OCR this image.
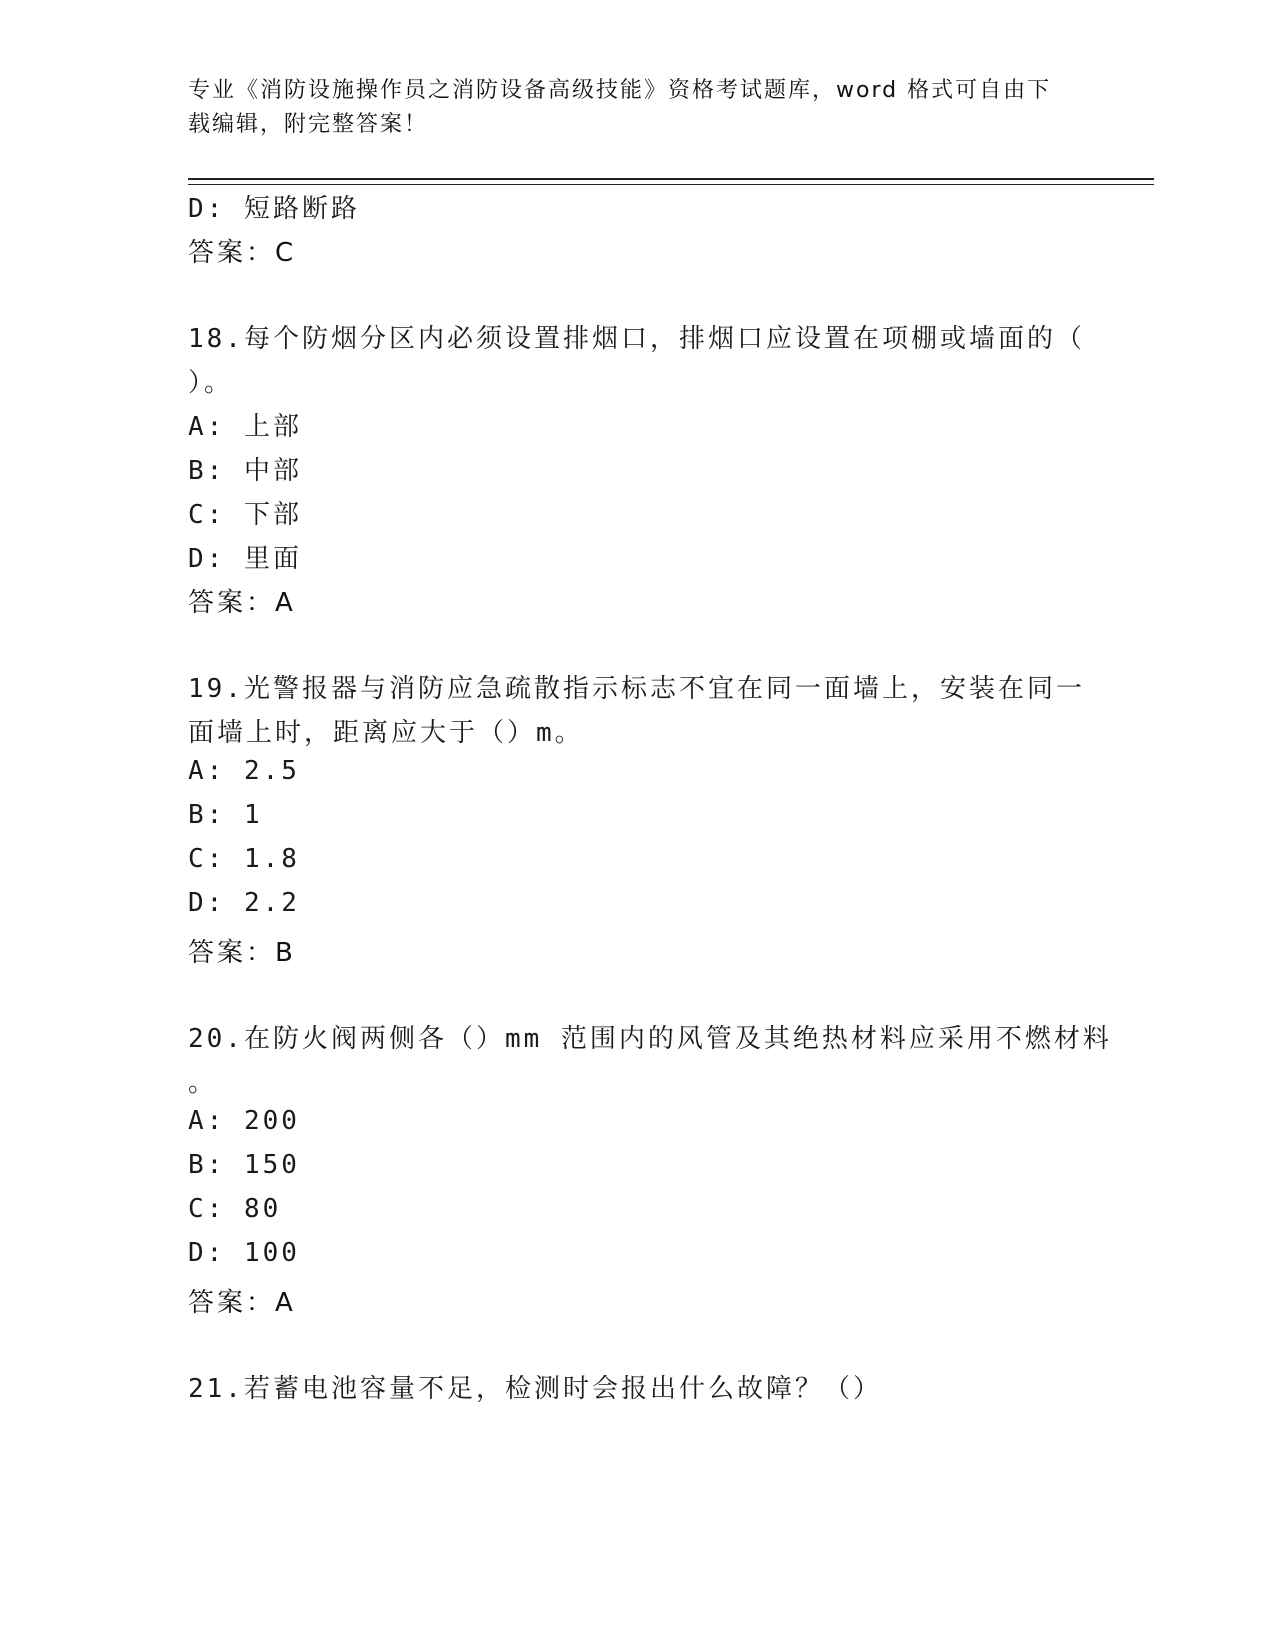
专业《消防设施操作员之消防设备高级技能》资格考试题库，word 格式可自由下
载编辑，附完整答案！
D: 短路断路
答案：C
18.每个防烟分区内必须设置排烟口，排烟口应设置在项棚或墙面的（
）。
A: 上部
B: 中部
C: 下部
D: 里面
答案：A
19.光警报器与消防应急疏散指示标志不宜在同一面墙上，安装在同一
面墙上时，距离应大于（）m。
A: 2.5
B: 1
C: 1.8
D: 2.2
答案：B
20.在防火阀两侧各（）mm 范围内的风管及其绝热材料应采用不燃材料
。
A: 200
B: 150
C: 80
D: 100
答案：A
21.若蓄电池容量不足，检测时会报出什么故障？（）
